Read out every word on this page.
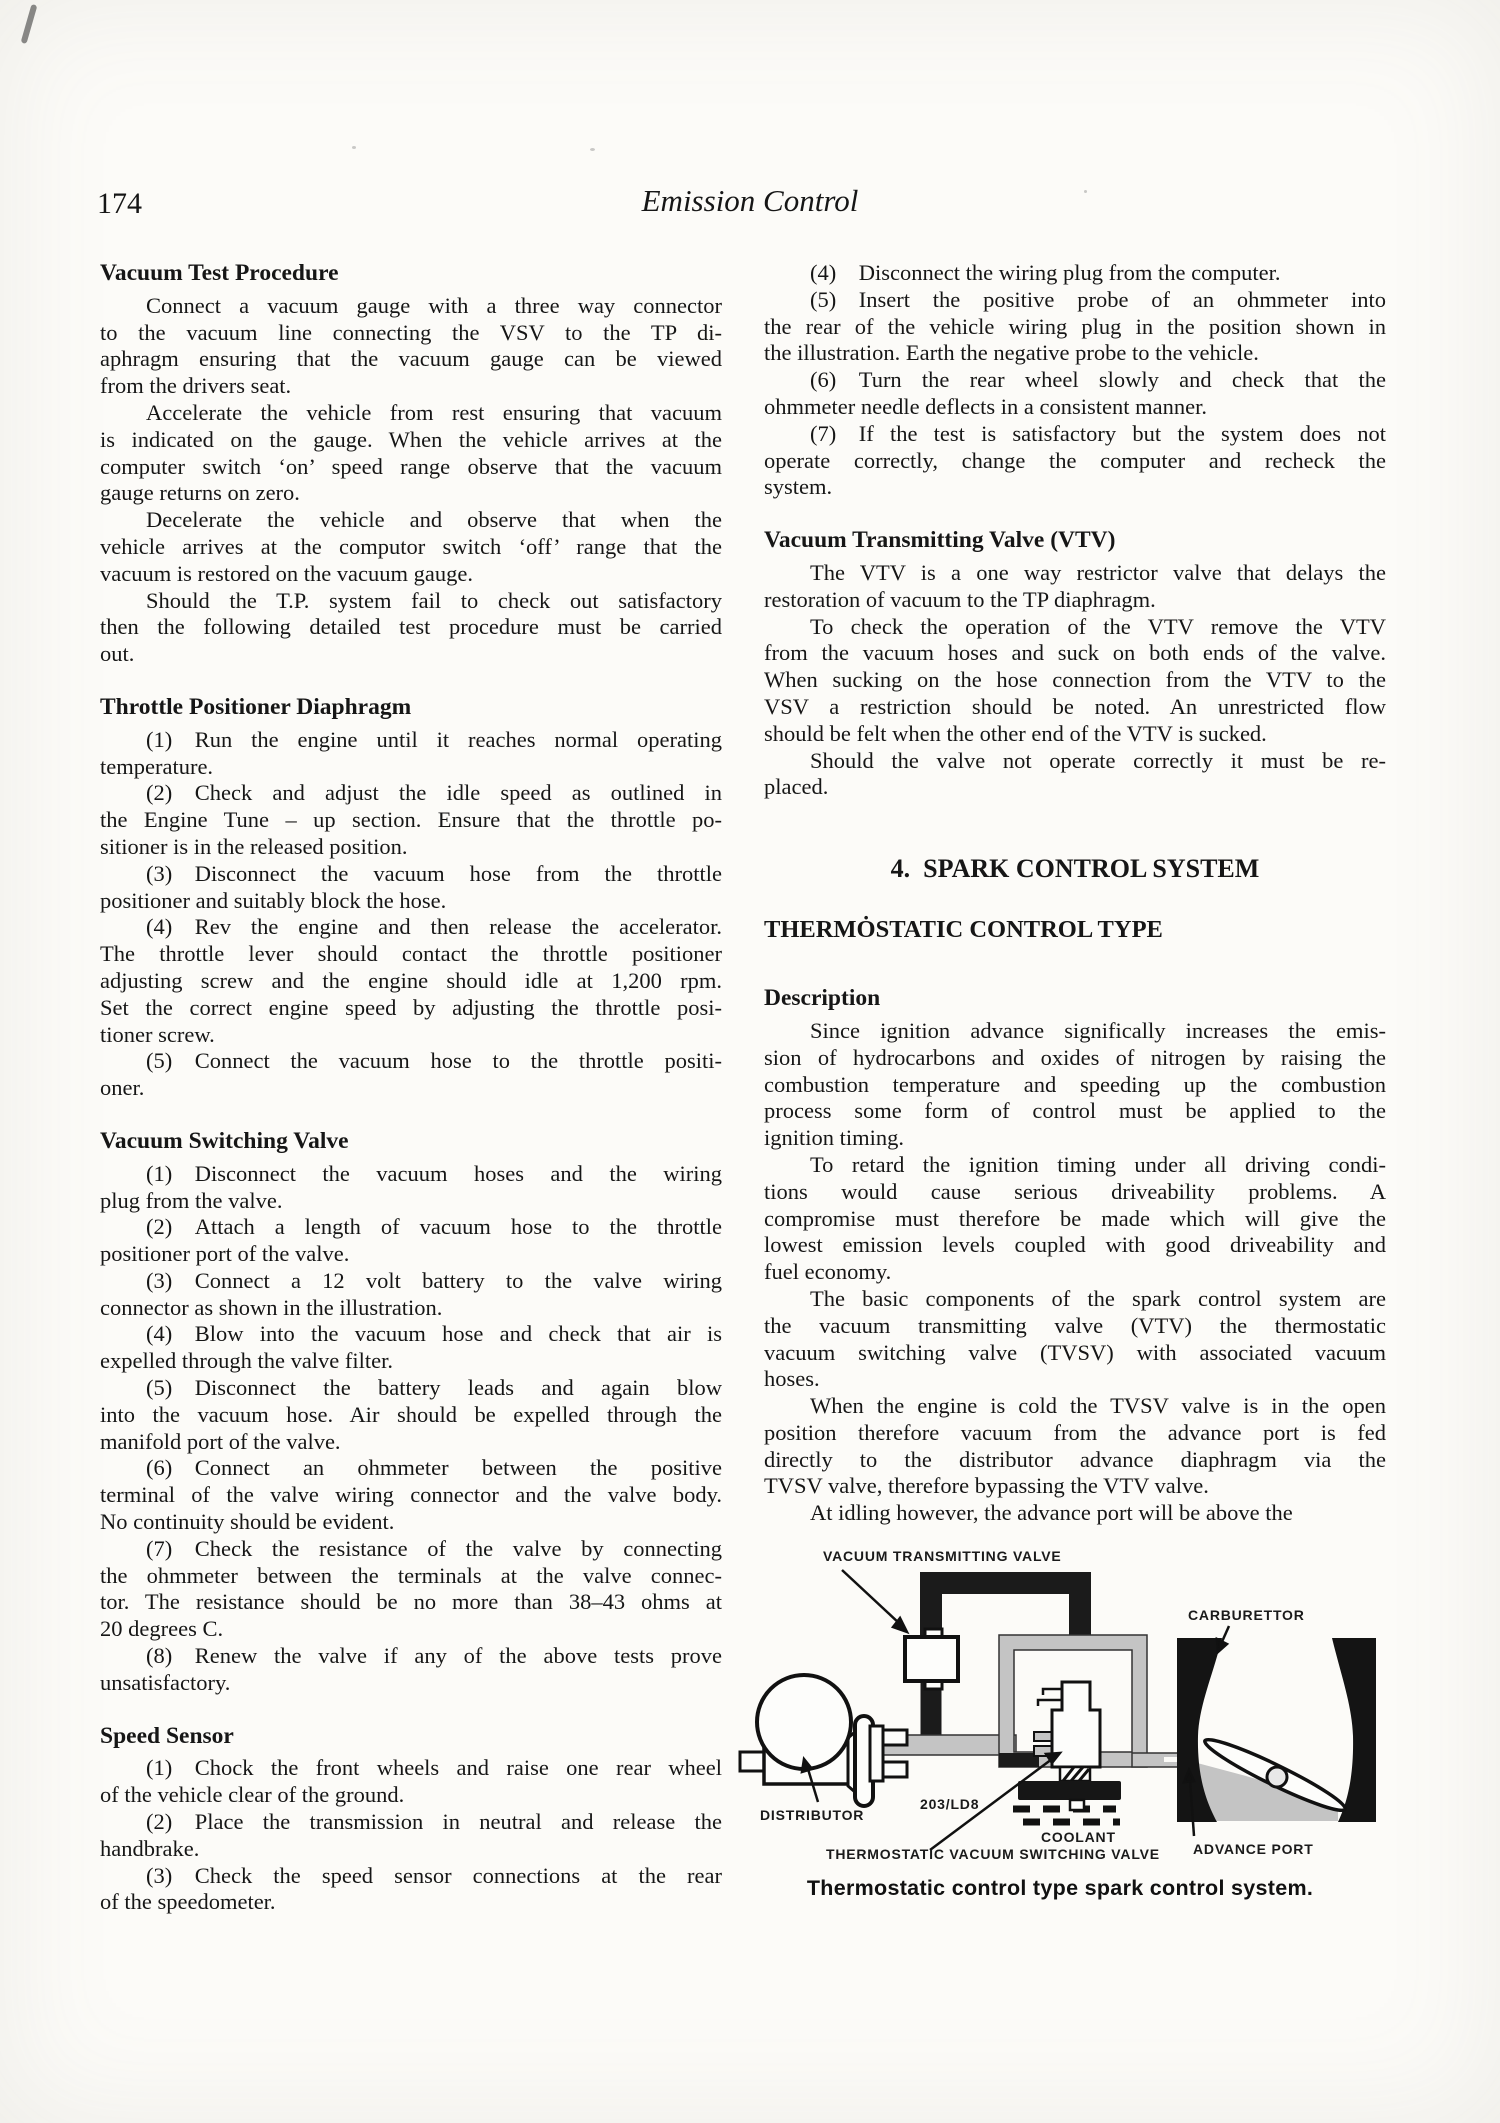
174	Emission Control
Vacuum Test Procedure
Connect a vacuum gauge with a three way connector
to the vacuum line connecting the VSV to the TP di-
aphragm ensuring that the vacuum gauge can be viewed
from the drivers seat.
Accelerate the vehicle from rest ensuring that vacuum
is indicated on the gauge. When the vehicle arrives at the
computer switch ‘on’ speed range observe that the vacuum
gauge returns on zero.
Decelerate the vehicle and observe that when the
vehicle arrives at the computor switch ‘off’ range that the
vacuum is restored on the vacuum gauge.
Should the T.P. system fail to check out satisfactory
then the following detailed test procedure must be carried
out.
Throttle Positioner Diaphragm
(1) Run the engine until it reaches normal operating
temperature.
(2) Check and adjust the idle speed as outlined in
the Engine Tune – up section. Ensure that the throttle po-
sitioner is in the released position.
(3) Disconnect the vacuum hose from the throttle
positioner and suitably block the hose.
(4) Rev the engine and then release the accelerator.
The throttle lever should contact the throttle positioner
adjusting screw and the engine should idle at 1,200 rpm.
Set the correct engine speed by adjusting the throttle posi-
tioner screw.
(5) Connect the vacuum hose to the throttle positi-
oner.
Vacuum Switching Valve
(1) Disconnect the vacuum hoses and the wiring
plug from the valve.
(2) Attach a length of vacuum hose to the throttle
positioner port of the valve.
(3) Connect a 12 volt battery to the valve wiring
connector as shown in the illustration.
(4) Blow into the vacuum hose and check that air is
expelled through the valve filter.
(5) Disconnect the battery leads and again blow
into the vacuum hose. Air should be expelled through the
manifold port of the valve.
(6) Connect an ohmmeter between the positive
terminal of the valve wiring connector and the valve body.
No continuity should be evident.
(7) Check the resistance of the valve by connecting
the ohmmeter between the terminals at the valve connec-
tor. The resistance should be no more than 38–43 ohms at
20 degrees C.
(8) Renew the valve if any of the above tests prove
unsatisfactory.
Speed Sensor
(1) Chock the front wheels and raise one rear wheel
of the vehicle clear of the ground.
(2) Place the transmission in neutral and release the
handbrake.
(3) Check the speed sensor connections at the rear
of the speedometer.
(4) Disconnect the wiring plug from the computer.
(5) Insert the positive probe of an ohmmeter into
the rear of the vehicle wiring plug in the position shown in
the illustration. Earth the negative probe to the vehicle.
(6) Turn the rear wheel slowly and check that the
ohmmeter needle deflects in a consistent manner.
(7) If the test is satisfactory but the system does not
operate correctly, change the computer and recheck the
system.
Vacuum Transmitting Valve (VTV)
The VTV is a one way restrictor valve that delays the
restoration of vacuum to the TP diaphragm.
To check the operation of the VTV remove the VTV
from the vacuum hoses and suck on both ends of the valve.
When sucking on the hose connection from the VTV to the
VSV a restriction should be noted. An unrestricted flow
should be felt when the other end of the VTV is sucked.
Should the valve not operate correctly it must be re-
placed.
4. SPARK CONTROL SYSTEM
THERMȮSTATIC CONTROL TYPE
Description
Since ignition advance significally increases the emis-
sion of hydrocarbons and oxides of nitrogen by raising the
combustion temperature and speeding up the combustion
process some form of control must be applied to the
ignition timing.
To retard the ignition timing under all driving condi-
tions would cause serious driveability problems. A
compromise must therefore be made which will give the
lowest emission levels coupled with good driveability and
fuel economy.
The basic components of the spark control system are
the vacuum transmitting valve (VTV) the thermostatic
vacuum switching valve (TVSV) with associated vacuum
hoses.
When the engine is cold the TVSV valve is in the open
position therefore vacuum from the advance port is fed
directly to the distributor advance diaphragm via the
TVSV valve, therefore bypassing the VTV valve.
At idling however, the advance port will be above the
VACUUM TRANSMITTING VALVE
CARBURETTOR
DISTRIBUTOR
203/LD8
COOLANT
THERMOSTATIC VACUUM SWITCHING VALVE ADVANCE PORT
Thermostatic control type spark control system.
